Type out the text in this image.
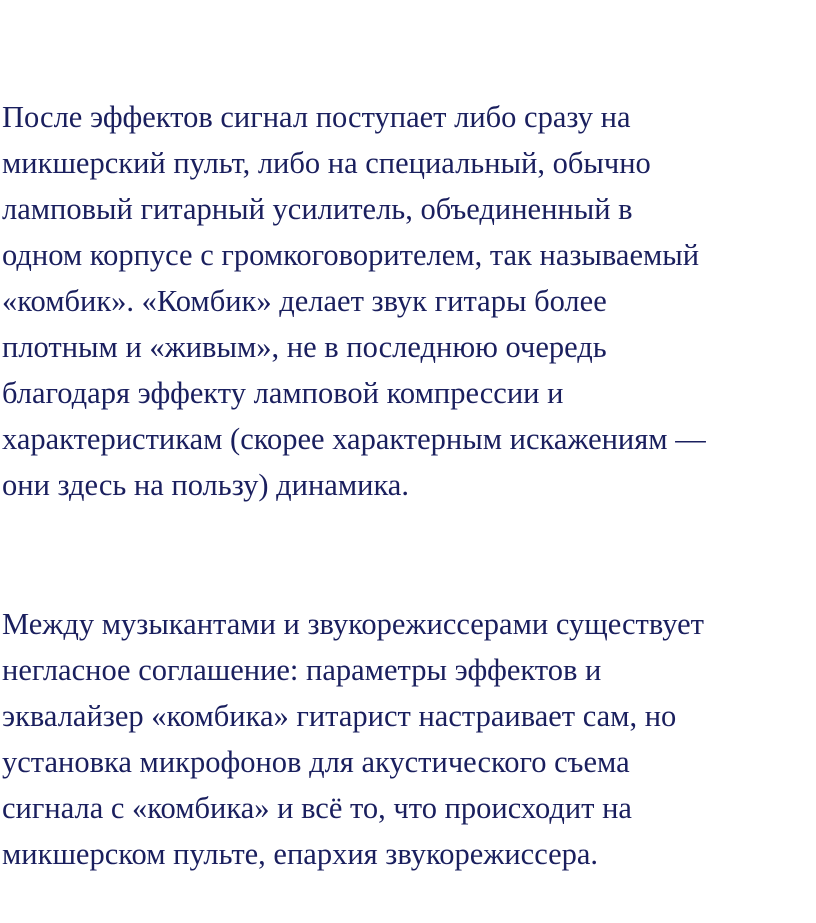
После эффектов сигнал поступает либо сразу на
микшерский пульт, либо на специальный, обычно
ламповый гитарный усилитель, объединенный в
одном корпусе с громкоговорителем, так называемый
«комбик». «Комбик» делает звук гитары более
плотным и «живым», не в последнюю очередь
благодаря эффекту ламповой компрессии и
характеристикам (скорее характерным искажениям —
они здесь на пользу) динамика.

Между музыкантами и звукорежиссерами существует
негласное соглашение: параметры эффектов и
эквалайзер «комбика» гитарист настраивает сам, но
установка микрофонов для акустического съема
сигнала с «комбика» и всё то, что происходит на
микшерском пульте, епархия звукорежиссера.
